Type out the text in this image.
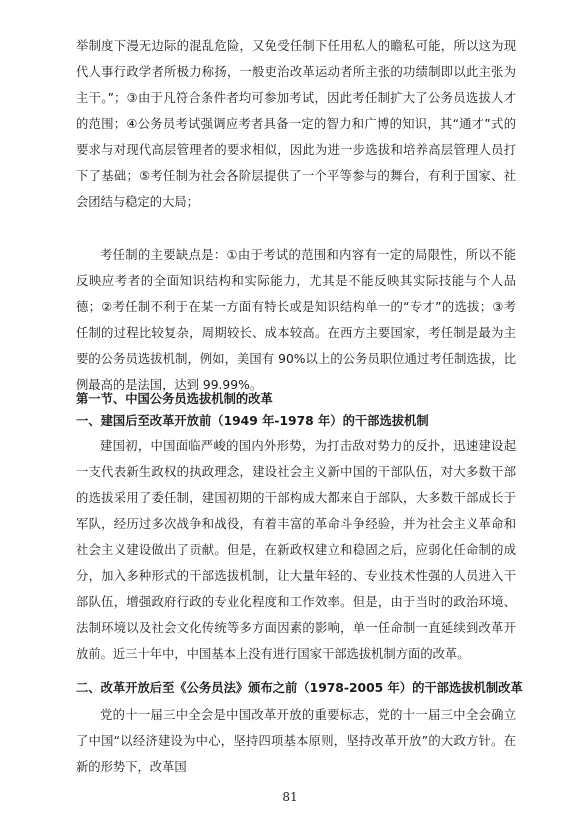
举制度下漫无边际的混乱危险，又免受任制下任用私人的瞻私可能，所以这为现代人事行政学者所极力称扬，一般吏治改革运动者所主张的功绩制即以此主张为主干。”；③由于凡符合条件者均可参加考试，因此考任制扩大了公务员选拔人才的范围；④公务员考试强调应考者具备一定的智力和广博的知识，其“通才”式的要求与对现代高层管理者的要求相似，因此为进一步选拔和培养高层管理人员打下了基础；⑤考任制为社会各阶层提供了一个平等参与的舞台，有利于国家、社会团结与稳定的大局；

考任制的主要缺点是：①由于考试的范围和内容有一定的局限性，所以不能反映应考者的全面知识结构和实际能力，尤其是不能反映其实际技能与个人品德；②考任制不利于在某一方面有特长或是知识结构单一的“专才”的选拔；③考任制的过程比较复杂，周期较长、成本较高。在西方主要国家，考任制是最为主要的公务员选拔机制，例如，美国有 90%以上的公务员职位通过考任制选拔，比例最高的是法国，达到 99.99%。

第一节、中国公务员选拔机制的改革
一、建国后至改革开放前（1949 年-1978 年）的干部选拔机制

建国初，中国面临严峻的国内外形势，为打击敌对势力的反扑，迅速建设起一支代表新生政权的执政理念，建设社会主义新中国的干部队伍，对大多数干部的选拔采用了委任制，建国初期的干部构成大都来自于部队，大多数干部成长于军队，经历过多次战争和战役，有着丰富的革命斗争经验，并为社会主义革命和社会主义建设做出了贡献。但是，在新政权建立和稳固之后，应弱化任命制的成分，加入多种形式的干部选拔机制，让大量年轻的、专业技术性强的人员进入干部队伍，增强政府行政的专业化程度和工作效率。但是，由于当时的政治环境、法制环境以及社会文化传统等多方面因素的影响，单一任命制一直延续到改革开放前。近三十年中，中国基本上没有进行国家干部选拔机制方面的改革。

二、改革开放后至《公务员法》颁布之前（1978-2005 年）的干部选拔机制改革

党的十一届三中全会是中国改革开放的重要标志，党的十一届三中全会确立了中国“以经济建设为中心，坚持四项基本原则，坚持改革开放”的大政方针。在新的形势下，改革国

81
